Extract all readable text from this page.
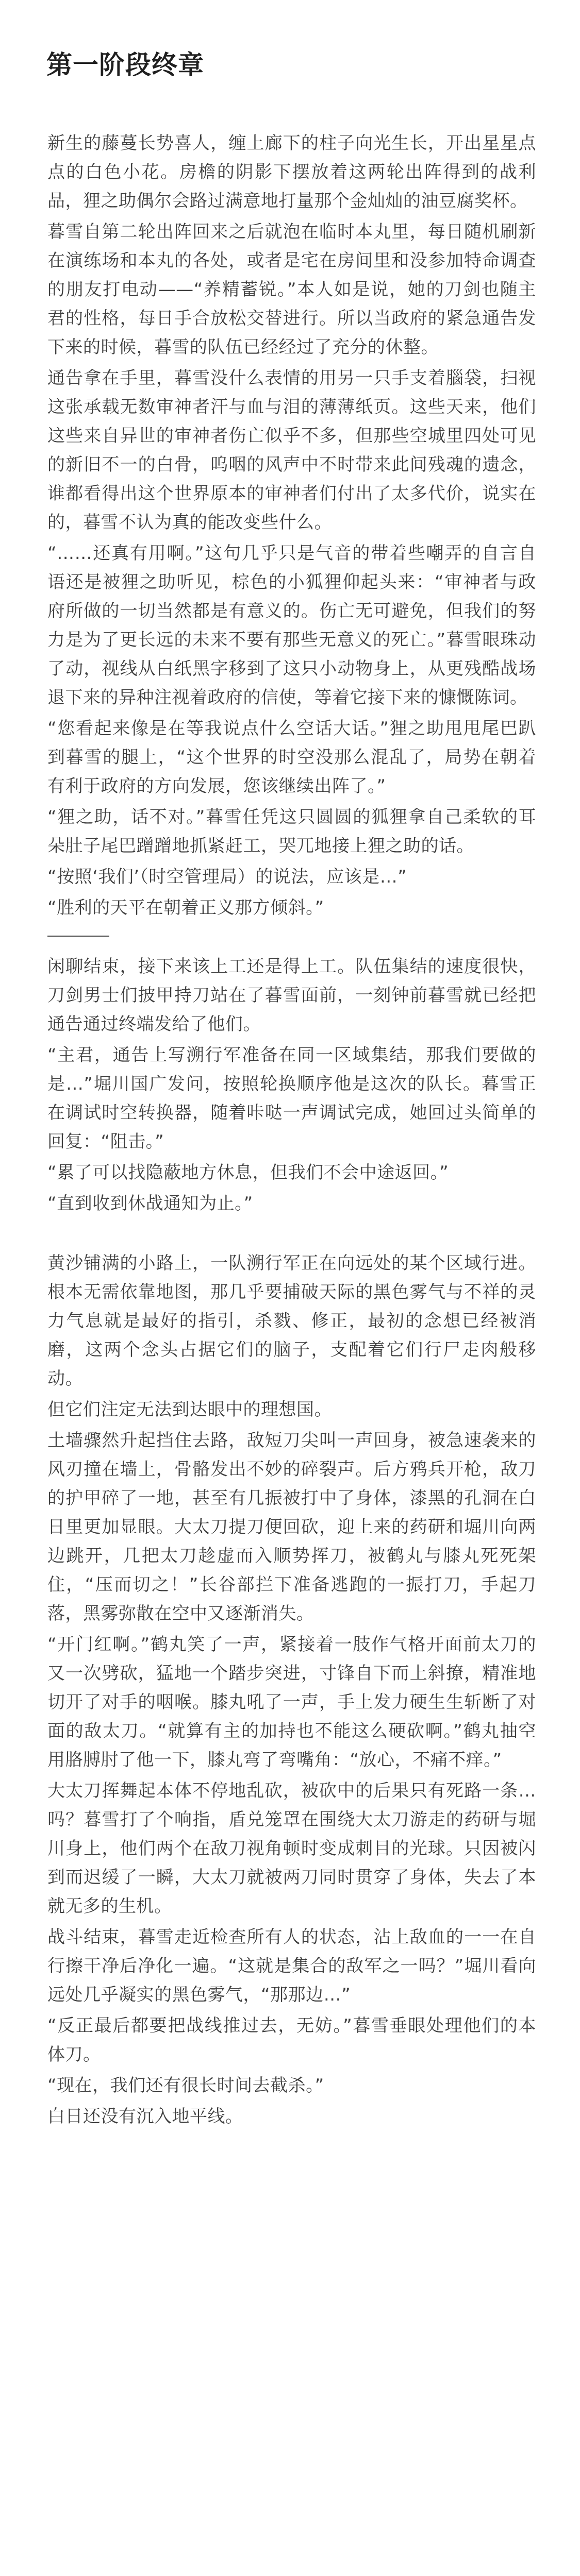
第一阶段终章

新生的藤蔓长势喜人，缠上廊下的柱子向光生长，开出星星点点的白色小花。房檐的阴影下摆放着这两轮出阵得到的战利品，狸之助偶尔会路过满意地打量那个金灿灿的油豆腐奖杯。

暮雪自第二轮出阵回来之后就泡在临时本丸里，每日随机刷新在演练场和本丸的各处，或者是宅在房间里和没参加特命调查的朋友打电动——“养精蓄锐。”本人如是说，她的刀剑也随主君的性格，每日手合放松交替进行。所以当政府的紧急通告发下来的时候，暮雪的队伍已经经过了充分的休整。

通告拿在手里，暮雪没什么表情的用另一只手支着腦袋，扫视这张承载无数审神者汗与血与泪的薄薄纸页。这些天来，他们这些来自异世的审神者伤亡似乎不多，但那些空城里四处可见的新旧不一的白骨，呜咽的风声中不时带来此间残魂的遗念，谁都看得出这个世界原本的审神者们付出了太多代价，说实在的，暮雪不认为真的能改变些什么。

“……还真有用啊。”这句几乎只是气音的带着些嘲弄的自言自语还是被狸之助听见，棕色的小狐狸仰起头来：“审神者与政府所做的一切当然都是有意义的。伤亡无可避免，但我们的努力是为了更长远的未来不要有那些无意义的死亡。”暮雪眼珠动了动，视线从白纸黑字移到了这只小动物身上，从更残酷战场退下来的异种注视着政府的信使，等着它接下来的慷慨陈词。

“您看起来像是在等我说点什么空话大话。”狸之助甩甩尾巴趴到暮雪的腿上，“这个世界的时空没那么混乱了，局势在朝着有利于政府的方向发展，您该继续出阵了。”

“狸之助，话不对。”暮雪任凭这只圆圆的狐狸拿自己柔软的耳朵肚子尾巴蹭蹭地抓紧赶工，哭兀地接上狸之助的话。

“按照‘我们’（时空管理局）的说法，应该是…”

“胜利的天平在朝着正义那方倾斜。”

闲聊结束，接下来该上工还是得上工。队伍集结的速度很快，刀剑男士们披甲持刀站在了暮雪面前，一刻钟前暮雪就已经把通告通过终端发给了他们。

“主君，通告上写溯行军准备在同一区域集结，那我们要做的是…”堀川国广发问，按照轮换顺序他是这次的队长。暮雪正在调试时空转换器，随着咔哒一声调试完成，她回过头简单的回复：“阻击。”

“累了可以找隐蔽地方休息，但我们不会中途返回。”

“直到收到休战通知为止。”

黄沙铺满的小路上，一队溯行军正在向远处的某个区域行进。根本无需依靠地图，那几乎要捕破天际的黑色雾气与不祥的灵力气息就是最好的指引，杀戮、修正，最初的念想已经被消磨，这两个念头占据它们的脑子，支配着它们行尸走肉般移动。

但它们注定无法到达眼中的理想国。

土墙骤然升起挡住去路，敌短刀尖叫一声回身，被急速袭来的风刃撞在墙上，骨骼发出不妙的碎裂声。后方鸦兵开枪，敌刀的护甲碎了一地，甚至有几振被打中了身体，漆黑的孔洞在白日里更加显眼。大太刀提刀便回砍，迎上来的药研和堀川向两边跳开，几把太刀趁虚而入顺势挥刀，被鹤丸与膝丸死死架住，“压而切之！”长谷部拦下准备逃跑的一振打刀，手起刀落，黑雾弥散在空中又逐渐消失。

“开门红啊。”鹤丸笑了一声，紧接着一肢作气格开面前太刀的又一次劈砍，猛地一个踏步突进，寸锋自下而上斜撩，精准地切开了对手的咽喉。膝丸吼了一声，手上发力硬生生斩断了对面的敌太刀。“就算有主的加持也不能这么硬砍啊。”鹤丸抽空用胳膊肘了他一下，膝丸弯了弯嘴角：“放心，不痛不痒。”

大太刀挥舞起本体不停地乱砍，被砍中的后果只有死路一条…吗？暮雪打了个响指，盾兑笼罩在围绕大太刀游走的药研与堀川身上，他们两个在敌刀视角顿时变成刺目的光球。只因被闪到而迟缓了一瞬，大太刀就被两刀同时贯穿了身体，失去了本就无多的生机。

战斗结束，暮雪走近检查所有人的状态，沾上敌血的一一在自行擦干净后净化一遍。“这就是集合的敌军之一吗？”堀川看向远处几乎凝实的黑色雾气，“那那边…”

“反正最后都要把战线推过去，无妨。”暮雪垂眼处理他们的本体刀。

“现在，我们还有很长时间去截杀。”

白日还没有沉入地平线。
